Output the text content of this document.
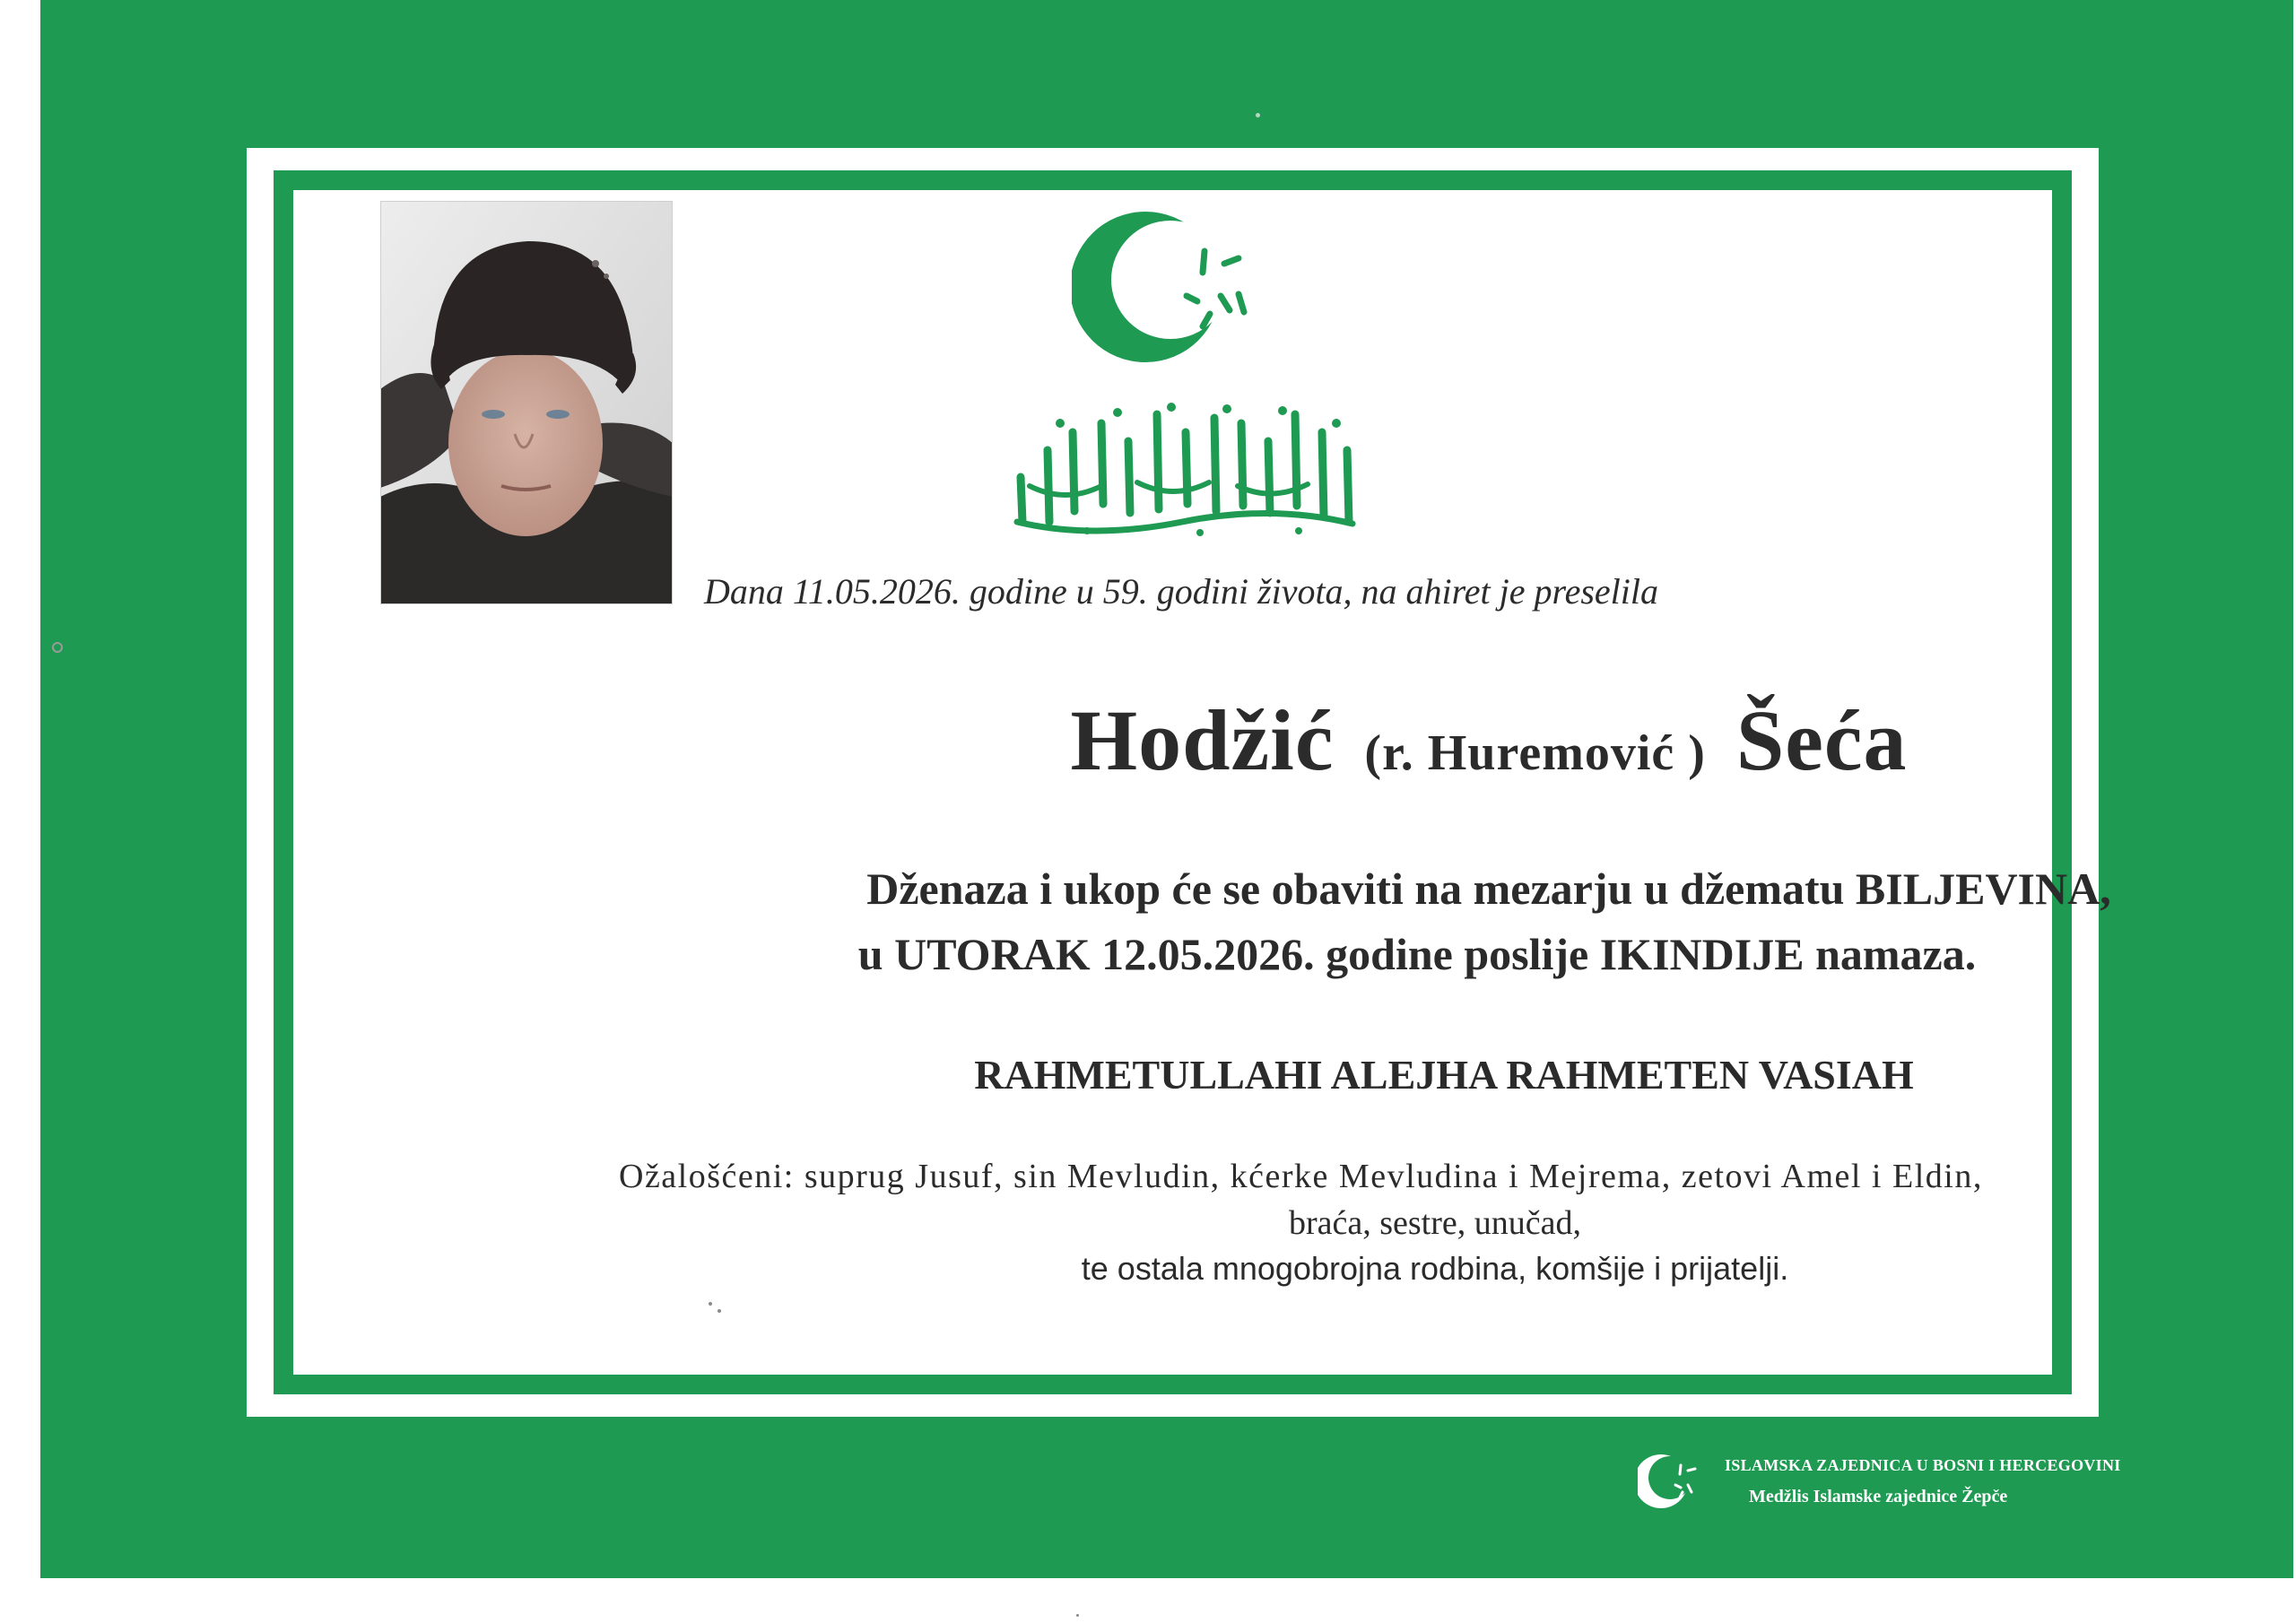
Dana 11.05.2026. godine u 59. godini života, na ahiret je preselila
Hodžić (r. Huremović ) Šeća
Dženaza i ukop će se obaviti na mezarju u džematu BILJEVINA,
u UTORAK 12.05.2026. godine poslije IKINDIJE namaza.
RAHMETULLAHI ALEJHA RAHMETEN VASIAH
Ožalošćeni: suprug Jusuf, sin Mevludin, kćerke Mevludina i Mejrema, zetovi Amel i Eldin,
braća, sestre, unučad,
te ostala mnogobrojna rodbina, komšije i prijatelji.
ISLAMSKA ZAJEDNICA U BOSNI I HERCEGOVINI
Medžlis Islamske zajednice Žepče
